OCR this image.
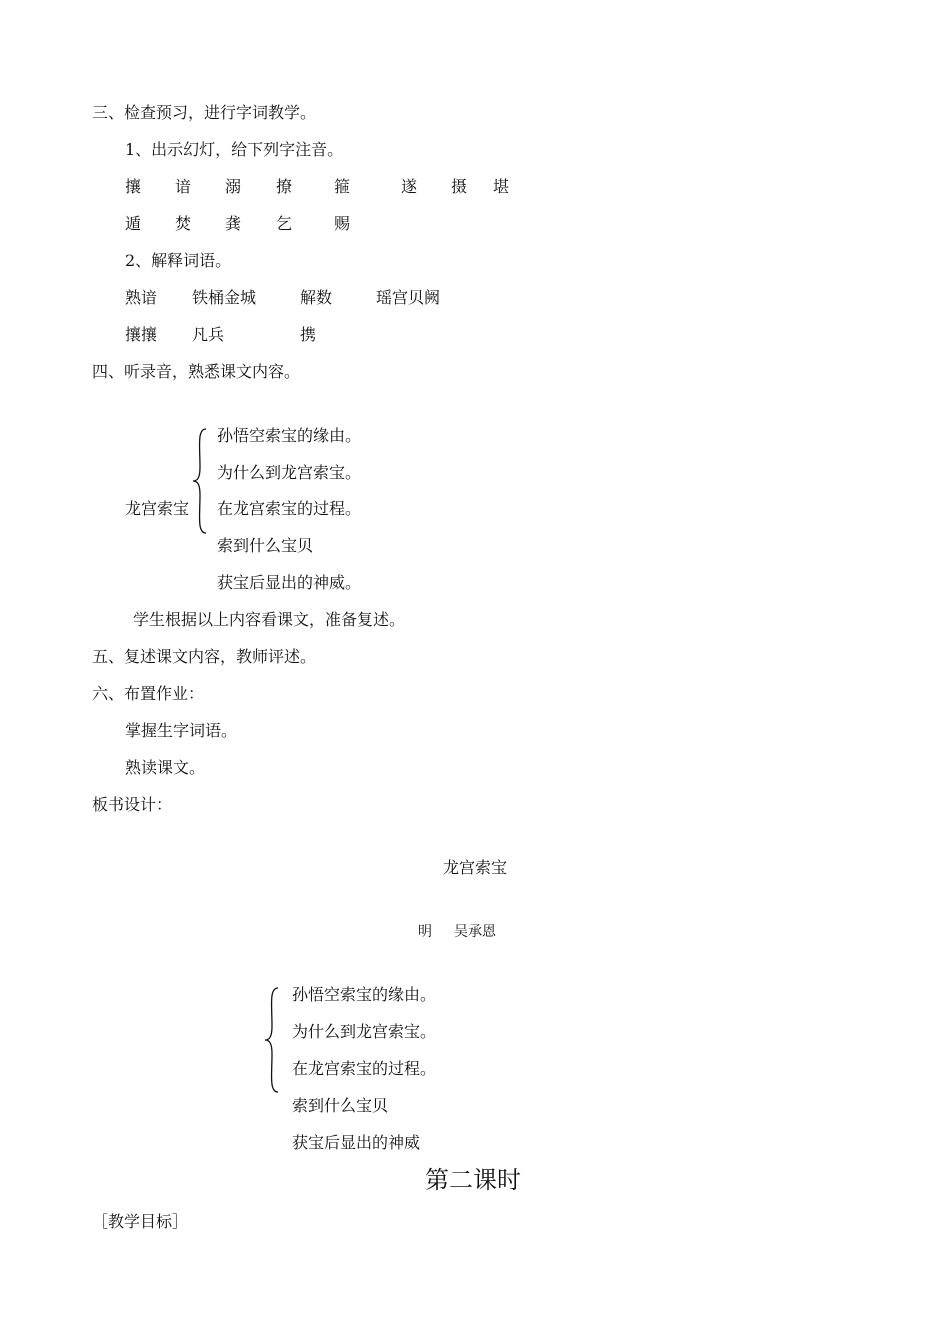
三、检查预习，进行字词教学。
1、出示幻灯，给下列字注音。
攘 谙 溺 撩	箍	遂 摄 堪
遁 焚 龚 乞	赐
2、解释词语。
熟谙 铁桶金城	解数	瑶宫贝阙
攘攘 凡兵	携
四、听录音，熟悉课文内容。
龙宫索宝
孙悟空索宝的缘由。
为什么到龙宫索宝。
在龙宫索宝的过程。
索到什么宝贝
获宝后显出的神威。
学生根据以上内容看课文，准备复述。
五、复述课文内容，教师评述。
六、布置作业：
掌握生字词语。
熟读课文。
板书设计：
龙宫索宝
明 吴承恩
孙悟空索宝的缘由。
为什么到龙宫索宝。
在龙宫索宝的过程。
索到什么宝贝
获宝后显出的神威
第二课时
［教学目标］
